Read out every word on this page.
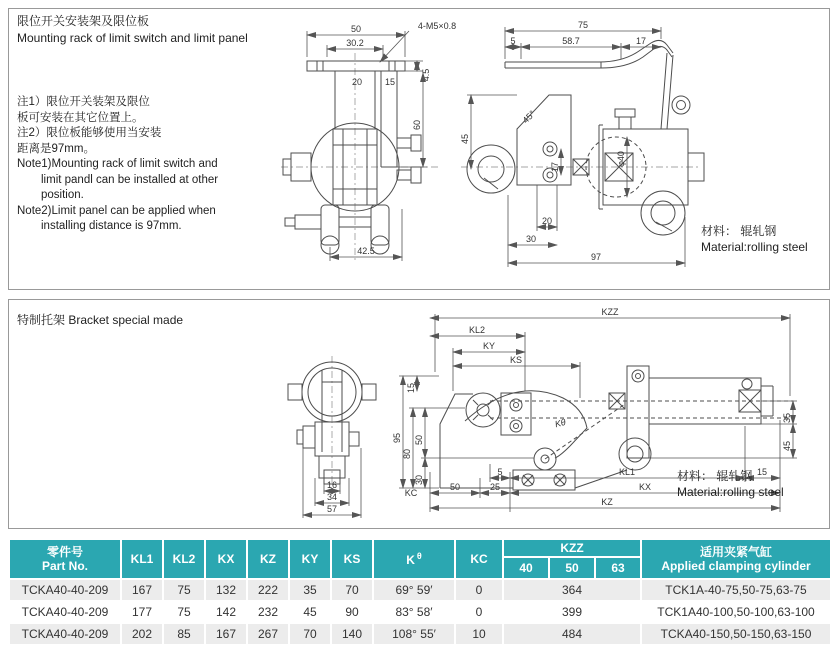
限位开关安装架及限位板
Mounting rack of limit switch and limit panel
注1）限位开关装架及限位
板可安装在其它位置上。
注2）限位板能够使用当安装
距离是97mm。
Note1)Mounting rack of limit switch and
limit pandl can be installed at other
position.
Note2)Limit panel can be applied when
installing distance is 97mm.
50
30.2
4-M5×0.8
4.5
20	15
60
42.5
75
5	58.7	17
45
45°
17
φ40
20
30
97
材料： 辊轧钢
Material:rolling steel
特制托架 Bracket special made
16
34
57
KZZ
KL2
KY
KS
Kθ
15
95
80
50
30
35
45
5	KL1	15
50	25	KX
KC
KZ
材料： 辊轧钢
Material:rolling steel
零件号
Part No.	KL1	KL2	KX	KZ	KY	KS	K $^\theta$	KC	KZZ	适用夹紧气缸
Applied clamping cylinder

									40	50	63	
TCKA40-40-209	167	75	132	222	35	70	69° 59′	0	364			TCK1A-40-75,50-75,63-75
TCKA40-40-209	177	75	142	232	45	90	83° 58′	0	399			TCK1A40-100,50-100,63-100
TCKA40-40-209	202	85	167	267	70	140	108° 55′	10	484			TCKA40-150,50-150,63-150
